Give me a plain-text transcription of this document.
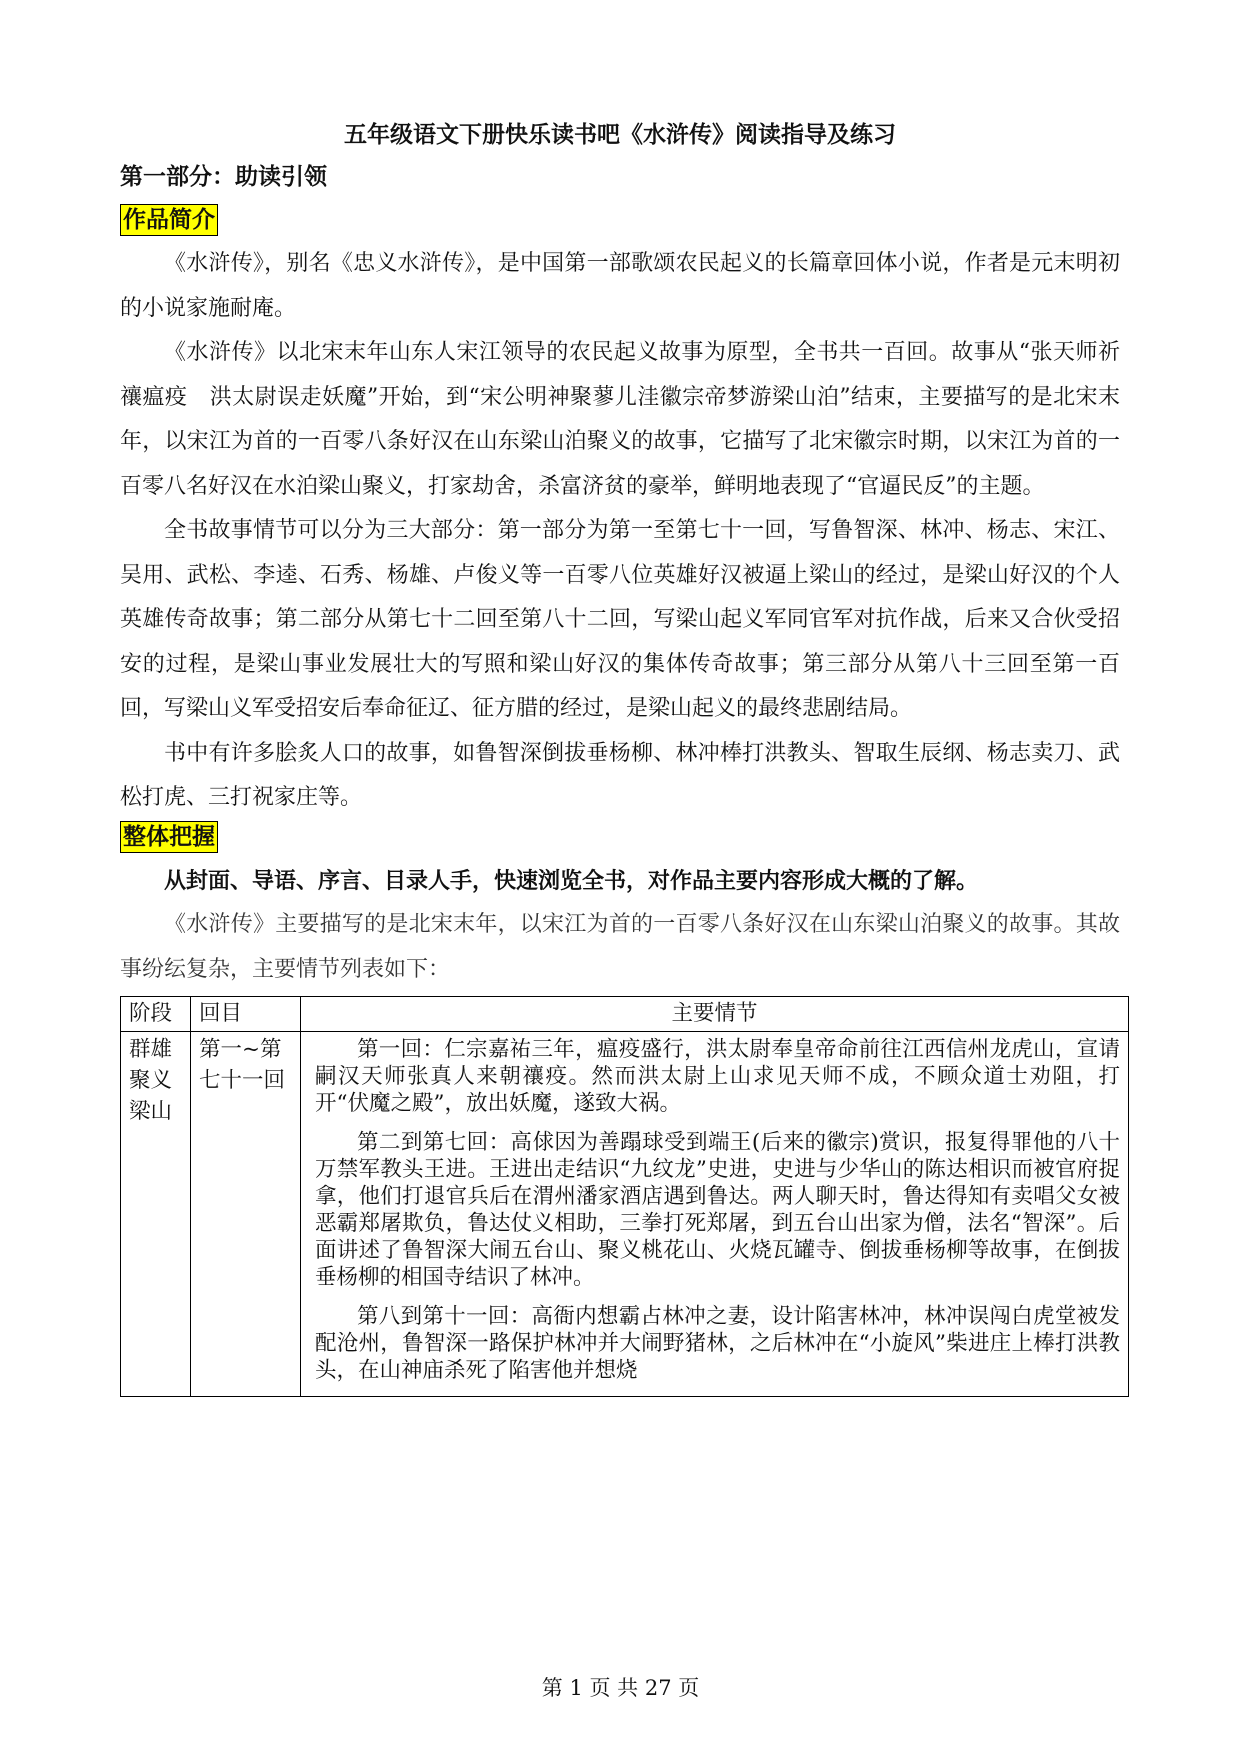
五年级语文下册快乐读书吧《水浒传》阅读指导及练习
第一部分：助读引领
作品简介

《水浒传》，别名《忠义水浒传》，是中国第一部歌颂农民起义的长篇章回体小说，作者是元末明初的小说家施耐庵。

《水浒传》以北宋末年山东人宋江领导的农民起义故事为原型，全书共一百回。故事从“张天师祈禳瘟疫　洪太尉误走妖魔”开始，到“宋公明神聚蓼儿洼徽宗帝梦游梁山泊”结束，主要描写的是北宋末年，以宋江为首的一百零八条好汉在山东梁山泊聚义的故事，它描写了北宋徽宗时期，以宋江为首的一百零八名好汉在水泊梁山聚义，打家劫舍，杀富济贫的豪举，鲜明地表现了“官逼民反”的主题。

全书故事情节可以分为三大部分：第一部分为第一至第七十一回，写鲁智深、林冲、杨志、宋江、吴用、武松、李逵、石秀、杨雄、卢俊义等一百零八位英雄好汉被逼上梁山的经过，是梁山好汉的个人英雄传奇故事；第二部分从第七十二回至第八十二回，写梁山起义军同官军对抗作战，后来又合伙受招安的过程，是梁山事业发展壮大的写照和梁山好汉的集体传奇故事；第三部分从第八十三回至第一百回，写梁山义军受招安后奉命征辽、征方腊的经过，是梁山起义的最终悲剧结局。

书中有许多脍炙人口的故事，如鲁智深倒拔垂杨柳、林冲棒打洪教头、智取生辰纲、杨志卖刀、武松打虎、三打祝家庄等。

整体把握

从封面、导语、序言、目录人手，快速浏览全书，对作品主要内容形成大概的了解。

《水浒传》主要描写的是北宋末年，以宋江为首的一百零八条好汉在山东梁山泊聚义的故事。其故事纷纭复杂，主要情节列表如下：

阶段	回目	主要情节
群雄聚义梁山	第一~第七十一回	第一回：仁宗嘉祐三年，瘟疫盛行，洪太尉奉皇帝命前往江西信州龙虎山，宣请嗣汉天师张真人来朝禳疫。然而洪太尉上山求见天师不成，不顾众道士劝阻，打开“伏魔之殿”，放出妖魔，遂致大祸。

第二到第七回：高俅因为善蹋球受到端王(后来的徽宗)赏识，报复得罪他的八十万禁军教头王进。王进出走结识“九纹龙”史进，史进与少华山的陈达相识而被官府捉拿，他们打退官兵后在渭州潘家酒店遇到鲁达。两人聊天时，鲁达得知有卖唱父女被恶霸郑屠欺负，鲁达仗义相助，三拳打死郑屠，到五台山出家为僧，法名“智深”。后面讲述了鲁智深大闹五台山、聚义桃花山、火烧瓦罐寺、倒拔垂杨柳等故事，在倒拔垂杨柳的相国寺结识了林冲。

第八到第十一回：高衙内想霸占林冲之妻，设计陷害林冲，林冲误闯白虎堂被发配沧州，鲁智深一路保护林冲并大闹野猪林，之后林冲在“小旋风”柴进庄上棒打洪教头，在山神庙杀死了陷害他并想烧

第 1 页 共 27 页
